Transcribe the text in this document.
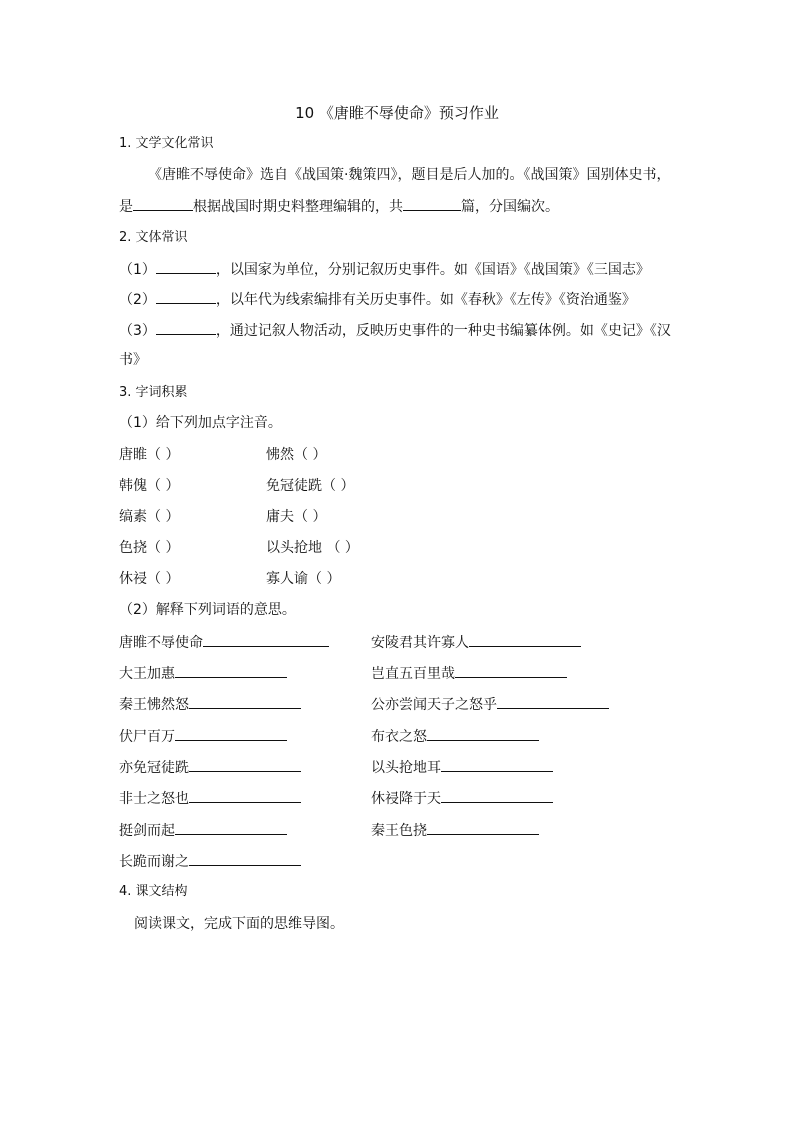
10 《唐睢不辱使命》预习作业
1. 文学文化常识
《唐睢不辱使命》选自《战国策·魏策四》，题目是后人加的。《战国策》国别体史书，
是	根据战国时期史料整理编辑的，共	篇，分国编次。
2. 文体常识
（1）	，以国家为单位，分别记叙历史事件。如《国语》《战国策》《三国志》
（2）	，以年代为线索编排有关历史事件。如《春秋》《左传》《资治通鉴》
（3）	，通过记叙人物活动，反映历史事件的一种史书编纂体例。如《史记》《汉
书》
3. 字词积累
（1）给下列加点字注音。
唐睢（ ）	怫然（ ）
韩傀（ ）	免冠徒跣（ ）
缟素（ ）	庸夫（ ）
色挠（ ）	以头抢地 （ ）
休祲（ ）	寡人谕（ ）
（2）解释下列词语的意思。
唐睢不辱使命	安陵君其许寡人
大王加惠	岂直五百里哉
秦王怫然怒	公亦尝闻天子之怒乎
伏尸百万	布衣之怒
亦免冠徒跣	以头抢地耳
非士之怒也	休祲降于天
挺剑而起	秦王色挠
长跪而谢之
4. 课文结构
阅读课文，完成下面的思维导图。
